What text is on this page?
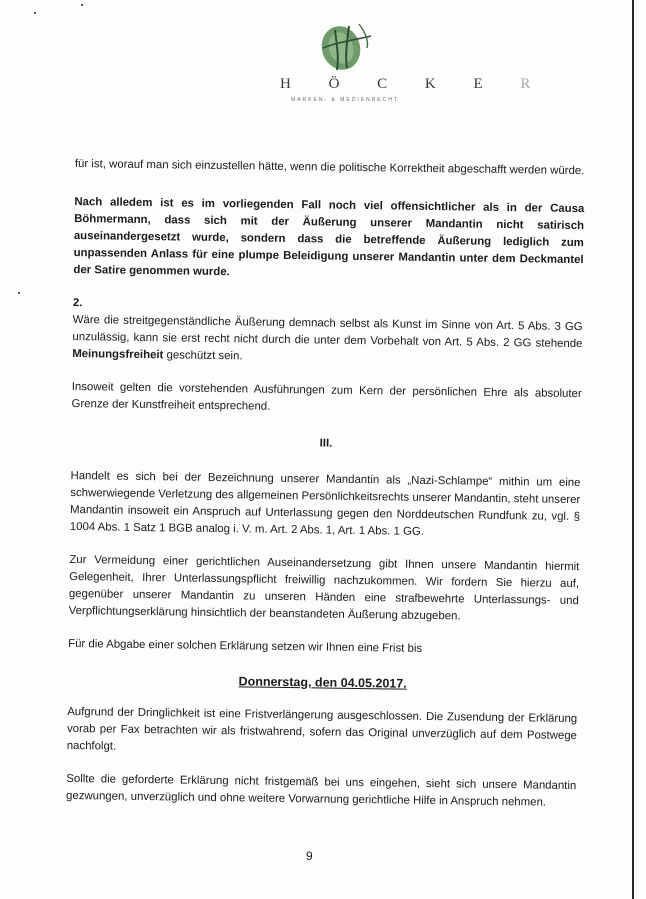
H Ö C K E R
MARKEN- & MEDIENRECHT

für ist, worauf man sich einzustellen hätte, wenn die politische Korrektheit abgeschafft werden würde.

Nach alledem ist es im vorliegenden Fall noch viel offensichtlicher als in der Causa Böhmermann, dass sich mit der Äußerung unserer Mandantin nicht satirisch auseinandergesetzt wurde, sondern dass die betreffende Äußerung lediglich zum unpassenden Anlass für eine plumpe Beleidigung unserer Mandantin unter dem Deckmantel der Satire genommen wurde.

2.

Wäre die streitgegenständliche Äußerung demnach selbst als Kunst im Sinne von Art. 5 Abs. 3 GG unzulässig, kann sie erst recht nicht durch die unter dem Vorbehalt von Art. 5 Abs. 2 GG stehende Meinungsfreiheit geschützt sein.

Insoweit gelten die vorstehenden Ausführungen zum Kern der persönlichen Ehre als absoluter Grenze der Kunstfreiheit entsprechend.

III.

Handelt es sich bei der Bezeichnung unserer Mandantin als „Nazi-Schlampe“ mithin um eine schwerwiegende Verletzung des allgemeinen Persönlichkeitsrechts unserer Mandantin, steht unserer Mandantin insoweit ein Anspruch auf Unterlassung gegen den Norddeutschen Rundfunk zu, vgl. § 1004 Abs. 1 Satz 1 BGB analog i. V. m. Art. 2 Abs. 1, Art. 1 Abs. 1 GG.

Zur Vermeidung einer gerichtlichen Auseinandersetzung gibt Ihnen unsere Mandantin hiermit Gelegenheit, Ihrer Unterlassungspflicht freiwillig nachzukommen. Wir fordern Sie hierzu auf, gegenüber unserer Mandantin zu unseren Händen eine strafbewehrte Unterlassungs- und Verpflichtungserklärung hinsichtlich der beanstandeten Äußerung abzugeben.

Für die Abgabe einer solchen Erklärung setzen wir Ihnen eine Frist bis

Donnerstag, den 04.05.2017.

Aufgrund der Dringlichkeit ist eine Fristverlängerung ausgeschlossen. Die Zusendung der Erklärung vorab per Fax betrachten wir als fristwahrend, sofern das Original unverzüglich auf dem Postwege nachfolgt.

Sollte die geforderte Erklärung nicht fristgemäß bei uns eingehen, sieht sich unsere Mandantin gezwungen, unverzüglich und ohne weitere Vorwarnung gerichtliche Hilfe in Anspruch nehmen.

9
